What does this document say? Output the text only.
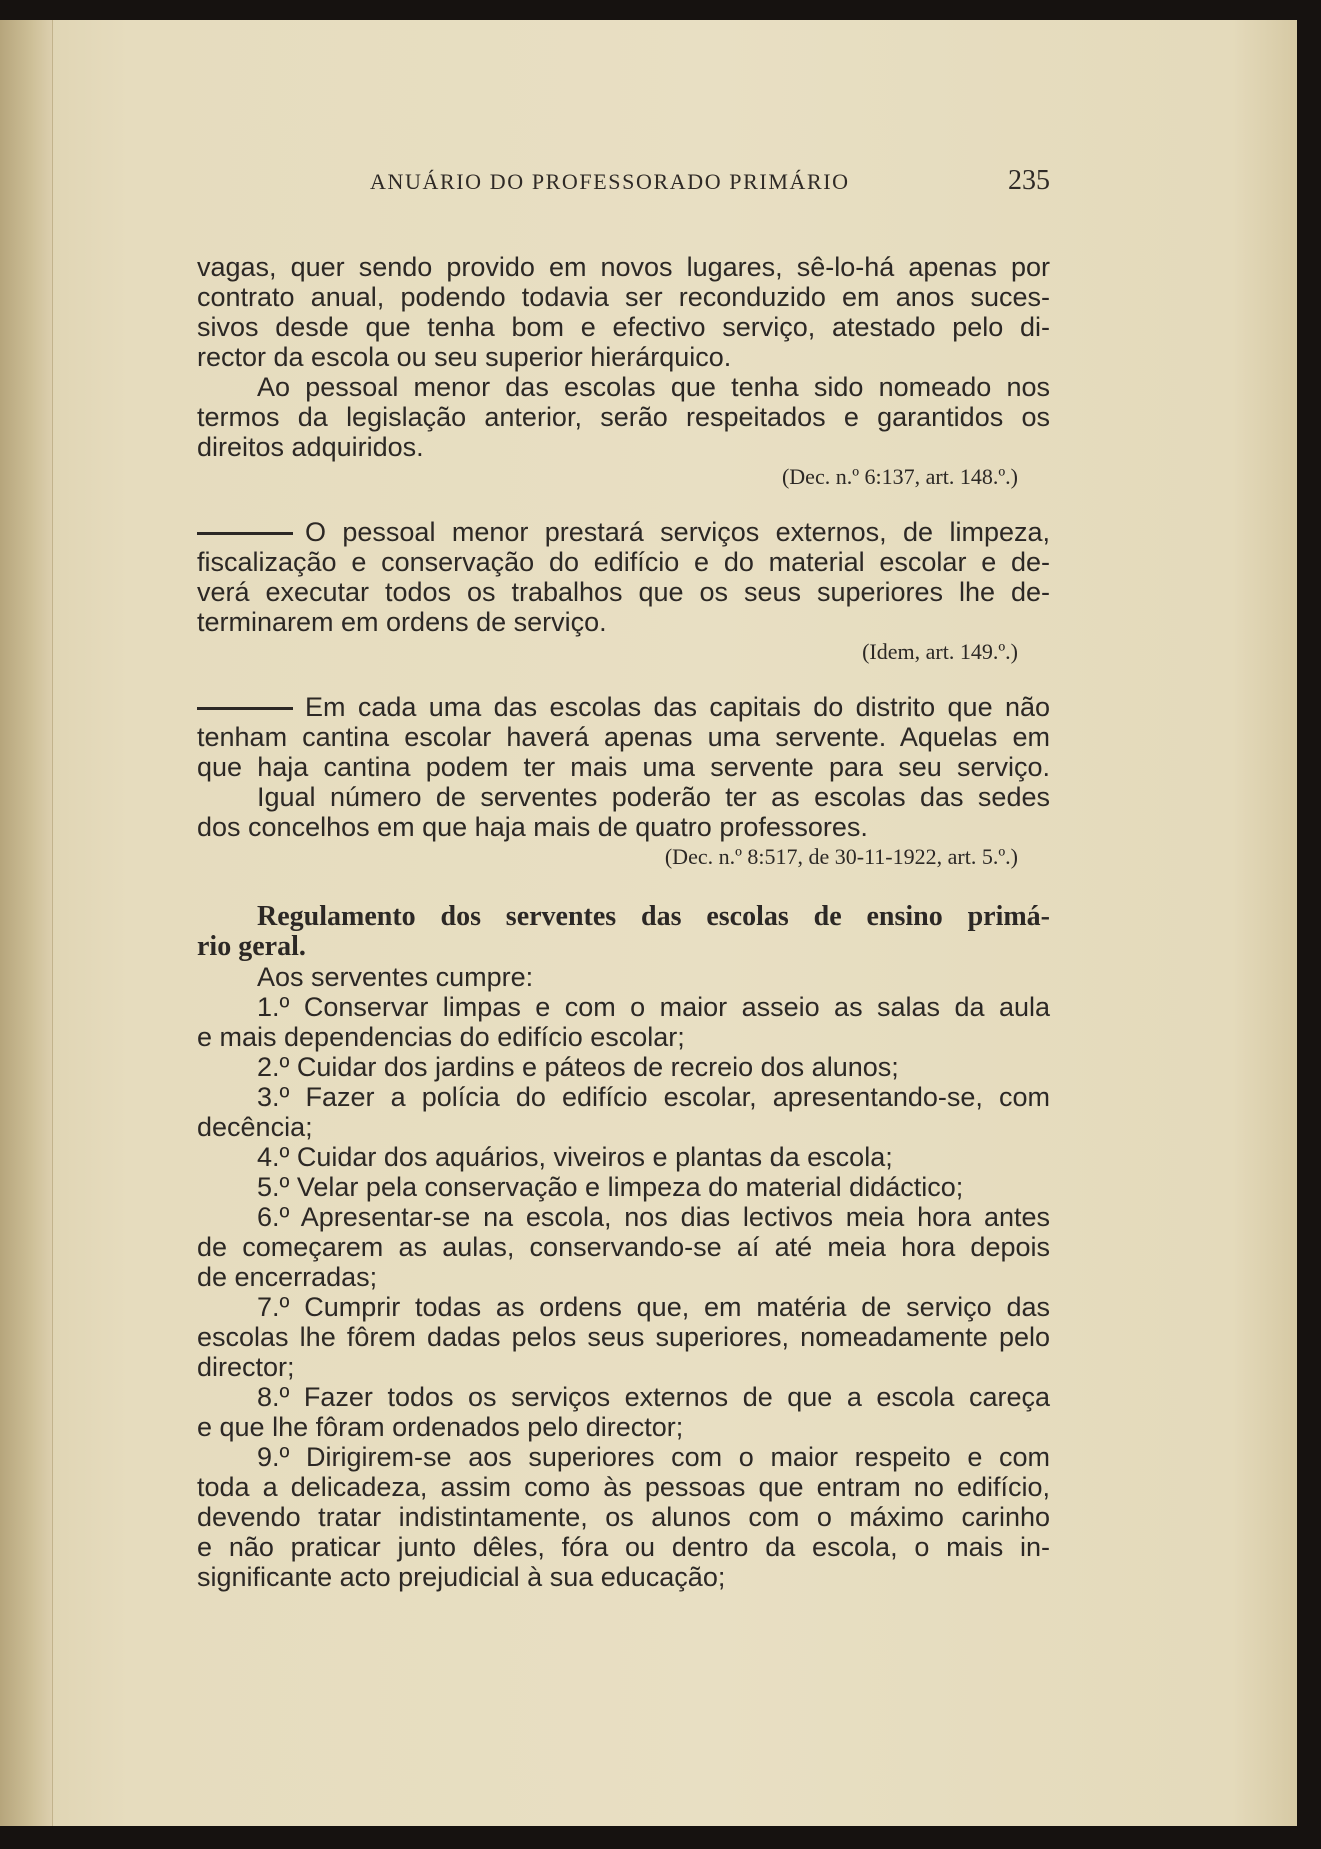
ANUÁRIO DO PROFESSORADO PRIMÁRIO	235
vagas, quer sendo provido em novos lugares, sê-lo-há apenas por
contrato anual, podendo todavia ser reconduzido em anos suces-
sivos desde que tenha bom e efectivo serviço, atestado pelo di-
rector da escola ou seu superior hierárquico.
Ao pessoal menor das escolas que tenha sido nomeado nos
termos da legislação anterior, serão respeitados e garantidos os
direitos adquiridos.
(Dec. n.º 6:137, art. 148.º.)
O pessoal menor prestará serviços externos, de limpeza,
fiscalização e conservação do edifício e do material escolar e de-
verá executar todos os trabalhos que os seus superiores lhe de-
terminarem em ordens de serviço.
(Idem, art. 149.º.)
Em cada uma das escolas das capitais do distrito que não
tenham cantina escolar haverá apenas uma servente. Aquelas em
que haja cantina podem ter mais uma servente para seu serviço.
Igual número de serventes poderão ter as escolas das sedes
dos concelhos em que haja mais de quatro professores.
(Dec. n.º 8:517, de 30-11-1922, art. 5.º.)
Regulamento dos serventes das escolas de ensino primá-
rio geral.
Aos serventes cumpre:
1.º Conservar limpas e com o maior asseio as salas da aula
e mais dependencias do edifício escolar;
2.º Cuidar dos jardins e páteos de recreio dos alunos;
3.º Fazer a polícia do edifício escolar, apresentando-se, com
decência;
4.º Cuidar dos aquários, viveiros e plantas da escola;
5.º Velar pela conservação e limpeza do material didáctico;
6.º Apresentar-se na escola, nos dias lectivos meia hora antes
de começarem as aulas, conservando-se aí até meia hora depois
de encerradas;
7.º Cumprir todas as ordens que, em matéria de serviço das
escolas lhe fôrem dadas pelos seus superiores, nomeadamente pelo
director;
8.º Fazer todos os serviços externos de que a escola careça
e que lhe fôram ordenados pelo director;
9.º Dirigirem-se aos superiores com o maior respeito e com
toda a delicadeza, assim como às pessoas que entram no edifício,
devendo tratar indistintamente, os alunos com o máximo carinho
e não praticar junto dêles, fóra ou dentro da escola, o mais in-
significante acto prejudicial à sua educação;
